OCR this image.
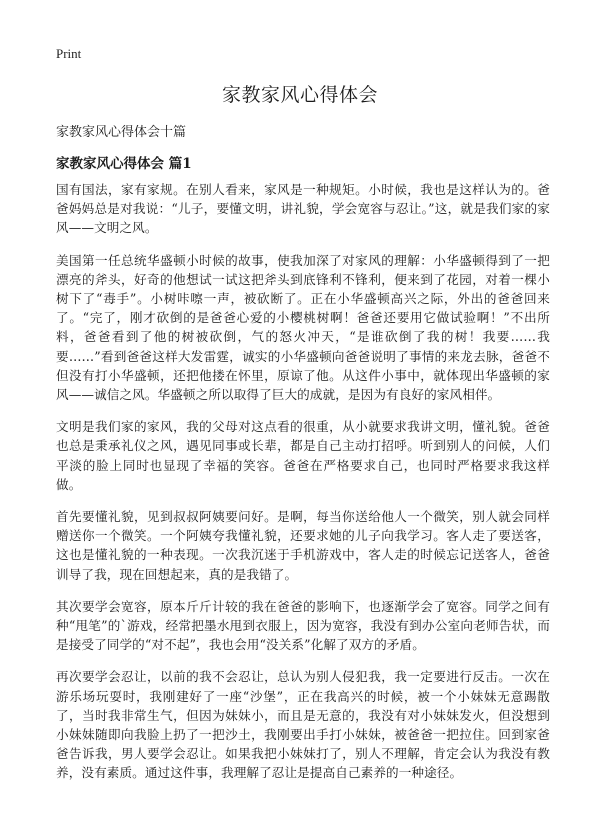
Print
家教家风心得体会

家教家风心得体会十篇

家教家风心得体会 篇1

国有国法，家有家规。在别人看来，家风是一种规矩。小时候，我也是这样认为的。爸爸妈妈总是对我说：“儿子，要懂文明，讲礼貌，学会宽容与忍让。”这，就是我们家的家风——文明之风。

美国第一任总统华盛顿小时候的故事，使我加深了对家风的理解：小华盛顿得到了一把漂亮的斧头，好奇的他想试一试这把斧头到底锋利不锋利，便来到了花园，对着一棵小树下了“毒手”。小树咔嚓一声，被砍断了。正在小华盛顿高兴之际，外出的爸爸回来了。“完了，刚才砍倒的是爸爸心爱的小樱桃树啊！爸爸还要用它做试验啊！”不出所料，爸爸看到了他的树被砍倒，气的怒火冲天，“是谁砍倒了我的树！我要……我要……”看到爸爸这样大发雷霆，诚实的小华盛顿向爸爸说明了事情的来龙去脉，爸爸不但没有打小华盛顿，还把他搂在怀里，原谅了他。从这件小事中，就体现出华盛顿的家风——诚信之风。华盛顿之所以取得了巨大的成就，是因为有良好的家风相伴。

文明是我们家的家风，我的父母对这点看的很重，从小就要求我讲文明，懂礼貌。爸爸也总是秉承礼仪之风，遇见同事或长辈，都是自己主动打招呼。听到别人的问候，人们平淡的脸上同时也显现了幸福的笑容。爸爸在严格要求自己，也同时严格要求我这样做。

首先要懂礼貌，见到叔叔阿姨要问好。是啊，每当你送给他人一个微笑，别人就会同样赠送你一个微笑。一个阿姨夸我懂礼貌，还要求她的儿子向我学习。客人走了要送客，这也是懂礼貌的一种表现。一次我沉迷于手机游戏中，客人走的时候忘记送客人，爸爸训导了我，现在回想起来，真的是我错了。

其次要学会宽容，原本斤斤计较的我在爸爸的影响下，也逐渐学会了宽容。同学之间有种“甩笔”的`游戏，经常把墨水甩到衣服上，因为宽容，我没有到办公室向老师告状，而是接受了同学的“对不起”，我也会用“没关系”化解了双方的矛盾。

再次要学会忍让，以前的我不会忍让，总认为别人侵犯我，我一定要进行反击。一次在游乐场玩耍时，我刚建好了一座“沙堡”，正在我高兴的时候，被一个小妹妹无意踢散了，当时我非常生气，但因为妹妹小，而且是无意的，我没有对小妹妹发火，但没想到小妹妹随即向我脸上扔了一把沙土，我刚要出手打小妹妹，被爸爸一把拉住。回到家爸爸告诉我，男人要学会忍让。如果我把小妹妹打了，别人不理解，肯定会认为我没有教养，没有素质。通过这件事，我理解了忍让是提高自己素养的一种途径。
